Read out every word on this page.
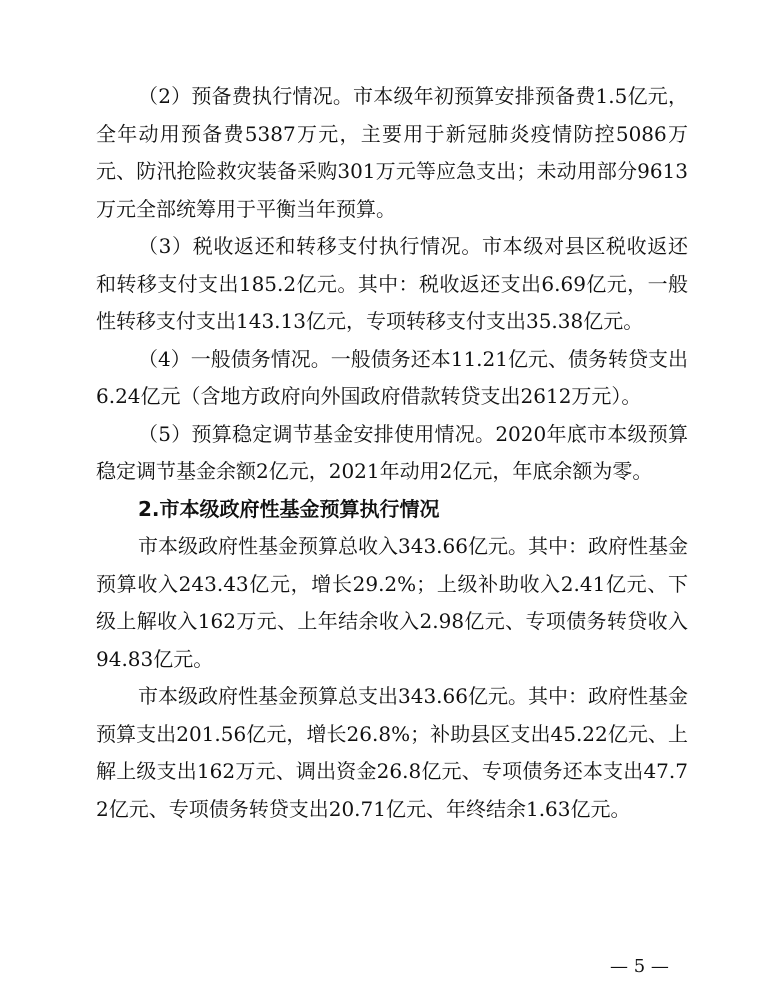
（2）预备费执行情况。市本级年初预算安排预备费1.5亿元，全年动用预备费5387万元，主要用于新冠肺炎疫情防控5086万元、防汛抢险救灾装备采购301万元等应急支出；未动用部分9613万元全部统筹用于平衡当年预算。

（3）税收返还和转移支付执行情况。市本级对县区税收返还和转移支付支出185.2亿元。其中：税收返还支出6.69亿元，一般性转移支付支出143.13亿元，专项转移支付支出35.38亿元。

（4）一般债务情况。一般债务还本11.21亿元、债务转贷支出6.24亿元（含地方政府向外国政府借款转贷支出2612万元）。

（5）预算稳定调节基金安排使用情况。2020年底市本级预算稳定调节基金余额2亿元，2021年动用2亿元，年底余额为零。

2.市本级政府性基金预算执行情况

市本级政府性基金预算总收入343.66亿元。其中：政府性基金预算收入243.43亿元，增长29.2%；上级补助收入2.41亿元、下级上解收入162万元、上年结余收入2.98亿元、专项债务转贷收入94.83亿元。

市本级政府性基金预算总支出343.66亿元。其中：政府性基金预算支出201.56亿元，增长26.8%；补助县区支出45.22亿元、上解上级支出162万元、调出资金26.8亿元、专项债务还本支出47.72亿元、专项债务转贷支出20.71亿元、年终结余1.63亿元。

— 5 —
